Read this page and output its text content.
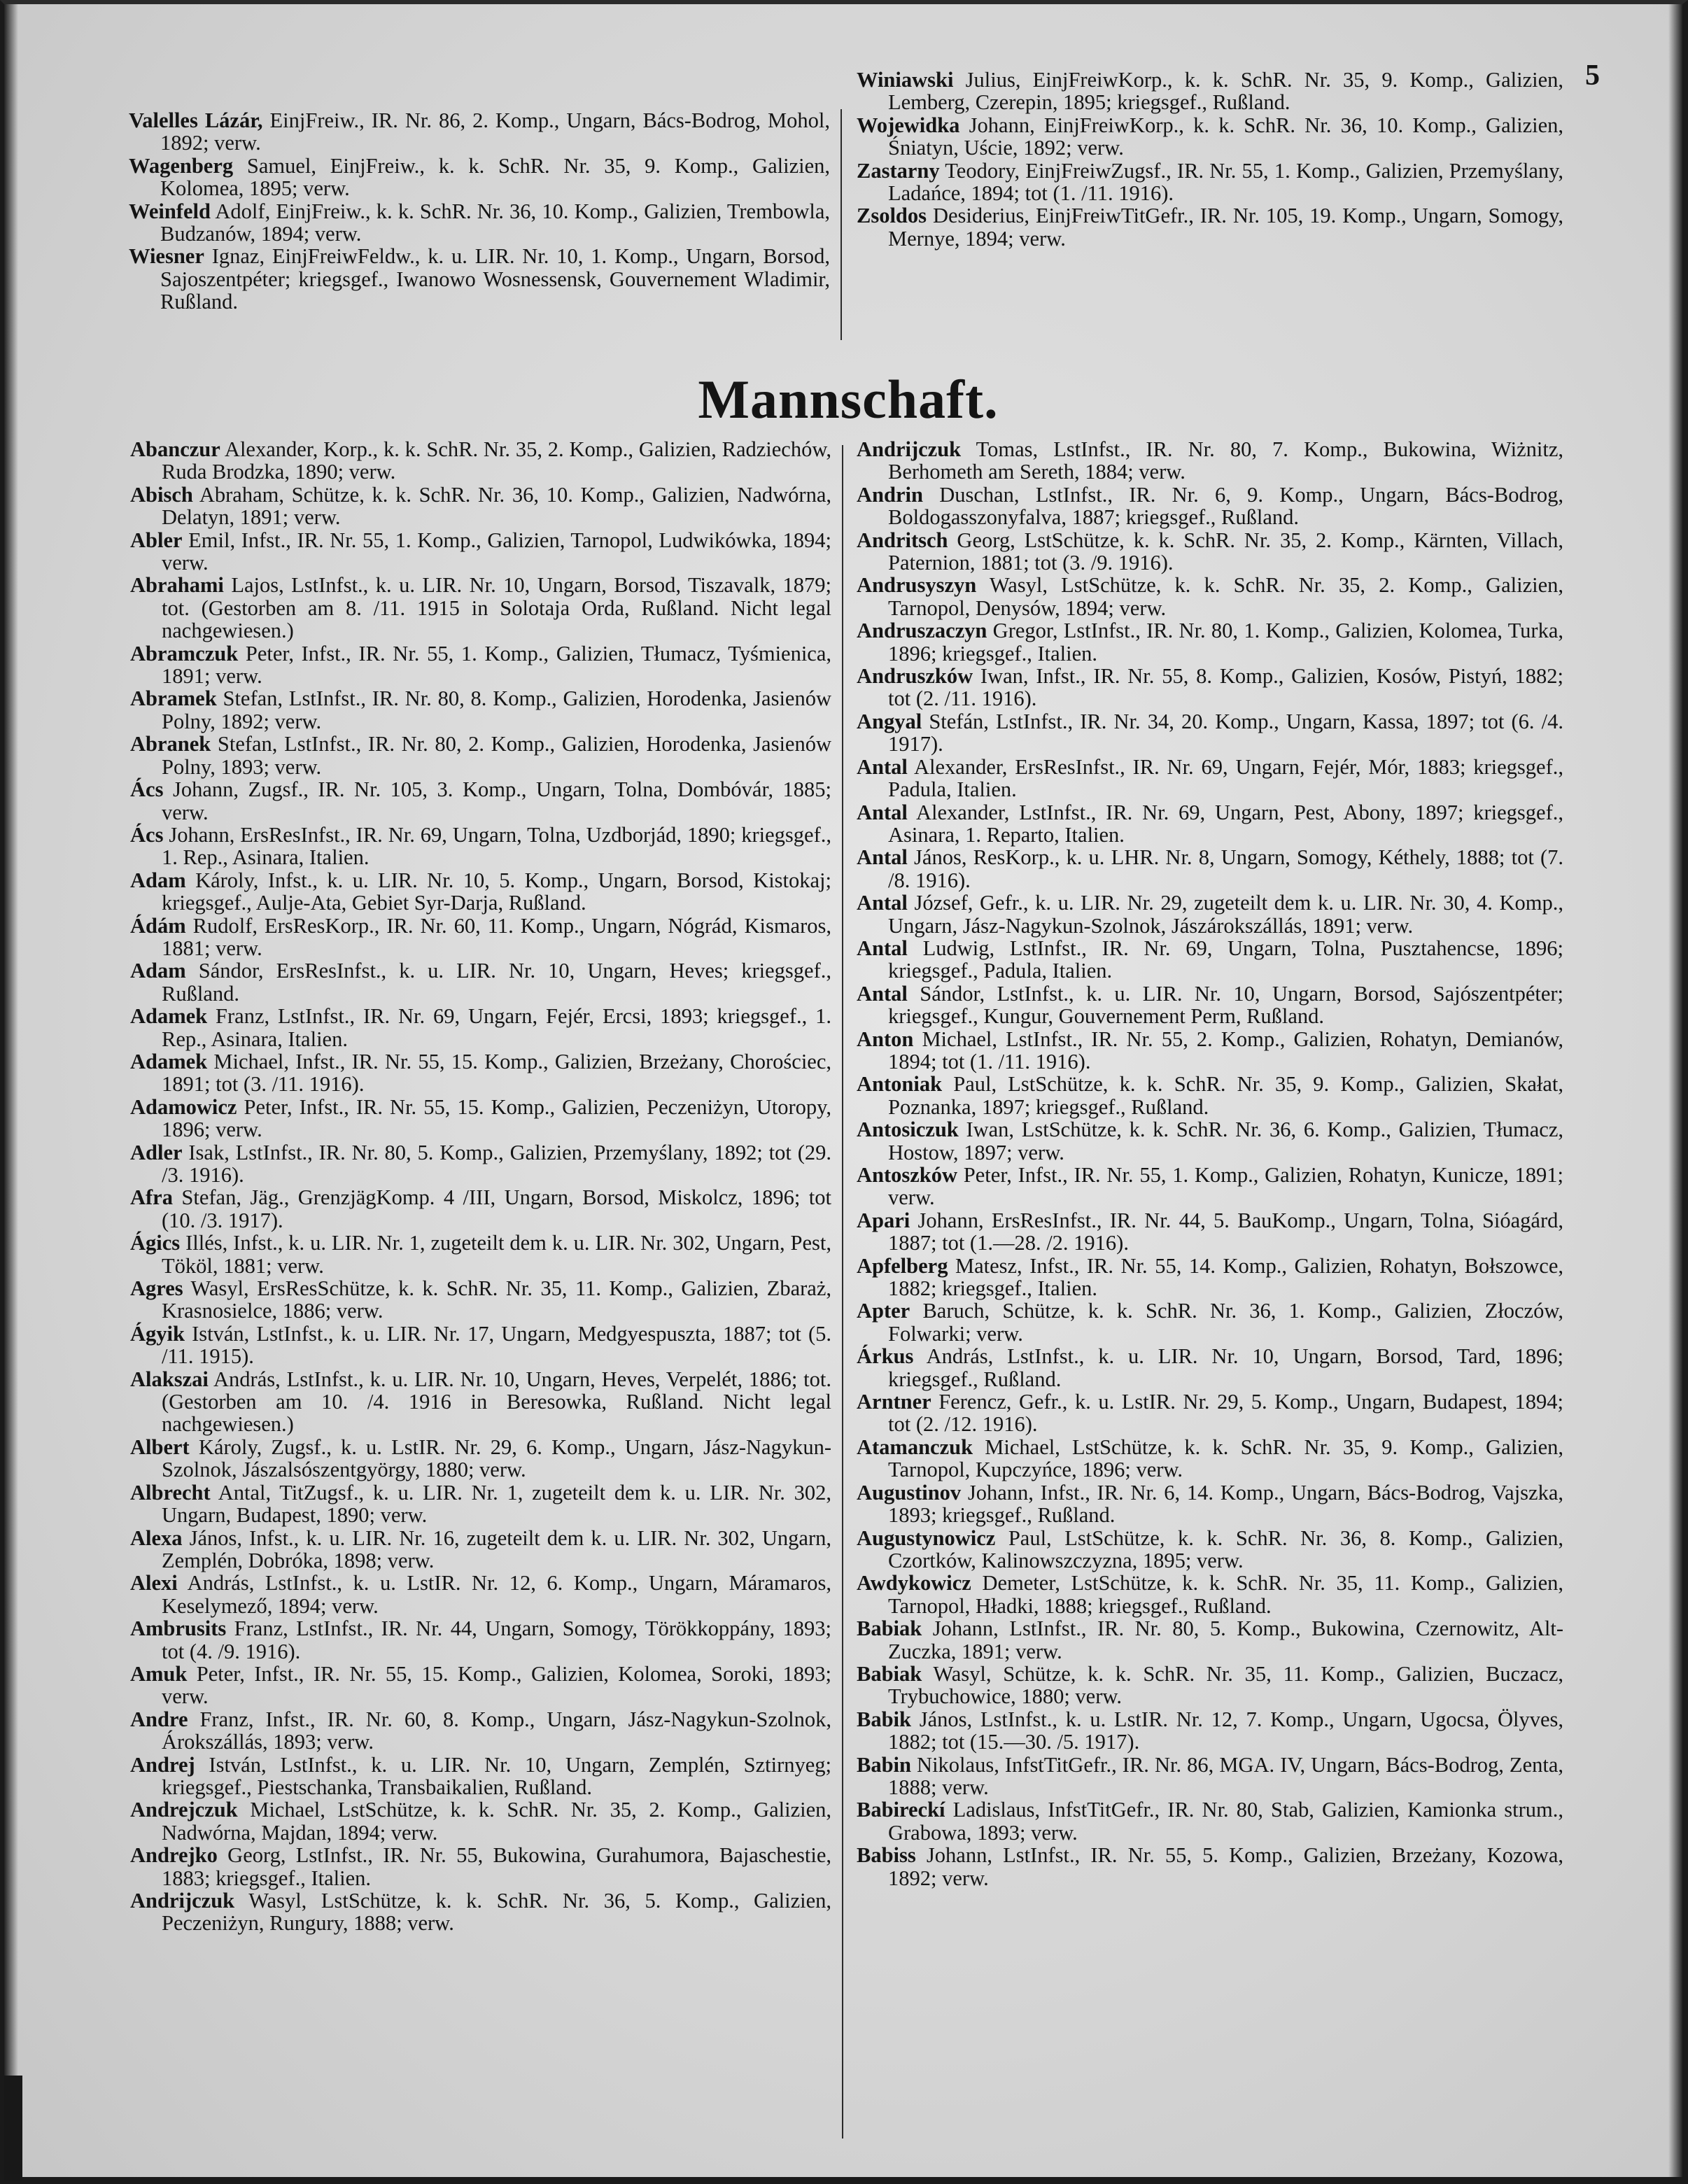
5

Valelles Lázár, EinjFreiw., IR. Nr. 86, 2. Komp., Ungarn, Bács-Bodrog, Mohol, 1892; verw.

Wagenberg Samuel, EinjFreiw., k. k. SchR. Nr. 35, 9. Komp., Galizien, Kolomea, 1895; verw.

Weinfeld Adolf, EinjFreiw., k. k. SchR. Nr. 36, 10. Komp., Galizien, Trembowla, Budzanów, 1894; verw.

Wiesner Ignaz, EinjFreiwFeldw., k. u. LIR. Nr. 10, 1. Komp., Ungarn, Borsod, Sajoszentpéter; kriegsgef., Iwanowo Wosnessensk, Gouvernement Wladimir, Rußland.

Winiawski Julius, EinjFreiwKorp., k. k. SchR. Nr. 35, 9. Komp., Galizien, Lemberg, Czerepin, 1895; kriegsgef., Rußland.

Wojewidka Johann, EinjFreiwKorp., k. k. SchR. Nr. 36, 10. Komp., Galizien, Śniatyn, Uście, 1892; verw.

Zastarny Teodory, EinjFreiwZugsf., IR. Nr. 55, 1. Komp., Galizien, Przemyślany, Ladańce, 1894; tot (1. /11. 1916).

Zsoldos Desiderius, EinjFreiwTitGefr., IR. Nr. 105, 19. Komp., Ungarn, Somogy, Mernye, 1894; verw.

Mannschaft.

Abanczur Alexander, Korp., k. k. SchR. Nr. 35, 2. Komp., Galizien, Radziechów, Ruda Brodzka, 1890; verw.

Abisch Abraham, Schütze, k. k. SchR. Nr. 36, 10. Komp., Galizien, Nadwórna, Delatyn, 1891; verw.

Abler Emil, Infst., IR. Nr. 55, 1. Komp., Galizien, Tarnopol, Ludwikówka, 1894; verw.

Abrahami Lajos, LstInfst., k. u. LIR. Nr. 10, Ungarn, Borsod, Tiszavalk, 1879; tot. (Gestorben am 8. /11. 1915 in Solotaja Orda, Rußland. Nicht legal nachgewiesen.)

Abramczuk Peter, Infst., IR. Nr. 55, 1. Komp., Galizien, Tłumacz, Tyśmienica, 1891; verw.

Abramek Stefan, LstInfst., IR. Nr. 80, 8. Komp., Galizien, Horodenka, Jasienów Polny, 1892; verw.

Abranek Stefan, LstInfst., IR. Nr. 80, 2. Komp., Galizien, Horodenka, Jasienów Polny, 1893; verw.

Ács Johann, Zugsf., IR. Nr. 105, 3. Komp., Ungarn, Tolna, Dombóvár, 1885; verw.

Ács Johann, ErsResInfst., IR. Nr. 69, Ungarn, Tolna, Uzdborjád, 1890; kriegsgef., 1. Rep., Asinara, Italien.

Adam Károly, Infst., k. u. LIR. Nr. 10, 5. Komp., Ungarn, Borsod, Kistokaj; kriegsgef., Aulje-Ata, Gebiet Syr-Darja, Rußland.

Ádám Rudolf, ErsResKorp., IR. Nr. 60, 11. Komp., Ungarn, Nógrád, Kismaros, 1881; verw.

Adam Sándor, ErsResInfst., k. u. LIR. Nr. 10, Ungarn, Heves; kriegsgef., Rußland.

Adamek Franz, LstInfst., IR. Nr. 69, Ungarn, Fejér, Ercsi, 1893; kriegsgef., 1. Rep., Asinara, Italien.

Adamek Michael, Infst., IR. Nr. 55, 15. Komp., Galizien, Brzeżany, Chorościec, 1891; tot (3. /11. 1916).

Adamowicz Peter, Infst., IR. Nr. 55, 15. Komp., Galizien, Peczeniżyn, Utoropy, 1896; verw.

Adler Isak, LstInfst., IR. Nr. 80, 5. Komp., Galizien, Przemyślany, 1892; tot (29. /3. 1916).

Afra Stefan, Jäg., GrenzjägKomp. 4 /III, Ungarn, Borsod, Miskolcz, 1896; tot (10. /3. 1917).

Ágics Illés, Infst., k. u. LIR. Nr. 1, zugeteilt dem k. u. LIR. Nr. 302, Ungarn, Pest, Tököl, 1881; verw.

Agres Wasyl, ErsResSchütze, k. k. SchR. Nr. 35, 11. Komp., Galizien, Zbaraż, Krasnosielce, 1886; verw.

Ágyik István, LstInfst., k. u. LIR. Nr. 17, Ungarn, Medgyespuszta, 1887; tot (5. /11. 1915).

Alakszai András, LstInfst., k. u. LIR. Nr. 10, Ungarn, Heves, Verpelét, 1886; tot. (Gestorben am 10. /4. 1916 in Beresowka, Rußland. Nicht legal nachgewiesen.)

Albert Károly, Zugsf., k. u. LstIR. Nr. 29, 6. Komp., Ungarn, Jász-Nagykun-Szolnok, Jászalsószentgyörgy, 1880; verw.

Albrecht Antal, TitZugsf., k. u. LIR. Nr. 1, zugeteilt dem k. u. LIR. Nr. 302, Ungarn, Budapest, 1890; verw.

Alexa János, Infst., k. u. LIR. Nr. 16, zugeteilt dem k. u. LIR. Nr. 302, Ungarn, Zemplén, Dobróka, 1898; verw.

Alexi András, LstInfst., k. u. LstIR. Nr. 12, 6. Komp., Ungarn, Máramaros, Keselymező, 1894; verw.

Ambrusits Franz, LstInfst., IR. Nr. 44, Ungarn, Somogy, Törökkoppány, 1893; tot (4. /9. 1916).

Amuk Peter, Infst., IR. Nr. 55, 15. Komp., Galizien, Kolomea, Soroki, 1893; verw.

Andre Franz, Infst., IR. Nr. 60, 8. Komp., Ungarn, Jász-Nagykun-Szolnok, Árokszállás, 1893; verw.

Andrej István, LstInfst., k. u. LIR. Nr. 10, Ungarn, Zemplén, Sztirnyeg; kriegsgef., Piestschanka, Transbaikalien, Rußland.

Andrejczuk Michael, LstSchütze, k. k. SchR. Nr. 35, 2. Komp., Galizien, Nadwórna, Majdan, 1894; verw.

Andrejko Georg, LstInfst., IR. Nr. 55, Bukowina, Gurahumora, Bajaschestie, 1883; kriegsgef., Italien.

Andrijczuk Wasyl, LstSchütze, k. k. SchR. Nr. 36, 5. Komp., Galizien, Peczeniżyn, Rungury, 1888; verw.

Andrijczuk Tomas, LstInfst., IR. Nr. 80, 7. Komp., Bukowina, Wiżnitz, Berhometh am Sereth, 1884; verw.

Andrin Duschan, LstInfst., IR. Nr. 6, 9. Komp., Ungarn, Bács-Bodrog, Boldogasszonyfalva, 1887; kriegsgef., Rußland.

Andritsch Georg, LstSchütze, k. k. SchR. Nr. 35, 2. Komp., Kärnten, Villach, Paternion, 1881; tot (3. /9. 1916).

Andrusyszyn Wasyl, LstSchütze, k. k. SchR. Nr. 35, 2. Komp., Galizien, Tarnopol, Denysów, 1894; verw.

Andruszaczyn Gregor, LstInfst., IR. Nr. 80, 1. Komp., Galizien, Kolomea, Turka, 1896; kriegsgef., Italien.

Andruszków Iwan, Infst., IR. Nr. 55, 8. Komp., Galizien, Kosów, Pistyń, 1882; tot (2. /11. 1916).

Angyal Stefán, LstInfst., IR. Nr. 34, 20. Komp., Ungarn, Kassa, 1897; tot (6. /4. 1917).

Antal Alexander, ErsResInfst., IR. Nr. 69, Ungarn, Fejér, Mór, 1883; kriegsgef., Padula, Italien.

Antal Alexander, LstInfst., IR. Nr. 69, Ungarn, Pest, Abony, 1897; kriegsgef., Asinara, 1. Reparto, Italien.

Antal János, ResKorp., k. u. LHR. Nr. 8, Ungarn, Somogy, Kéthely, 1888; tot (7. /8. 1916).

Antal József, Gefr., k. u. LIR. Nr. 29, zugeteilt dem k. u. LIR. Nr. 30, 4. Komp., Ungarn, Jász-Nagykun-Szolnok, Jászárokszállás, 1891; verw.

Antal Ludwig, LstInfst., IR. Nr. 69, Ungarn, Tolna, Pusztahencse, 1896; kriegsgef., Padula, Italien.

Antal Sándor, LstInfst., k. u. LIR. Nr. 10, Ungarn, Borsod, Sajószentpéter; kriegsgef., Kungur, Gouvernement Perm, Rußland.

Anton Michael, LstInfst., IR. Nr. 55, 2. Komp., Galizien, Rohatyn, Demianów, 1894; tot (1. /11. 1916).

Antoniak Paul, LstSchütze, k. k. SchR. Nr. 35, 9. Komp., Galizien, Skałat, Poznanka, 1897; kriegsgef., Rußland.

Antosiczuk Iwan, LstSchütze, k. k. SchR. Nr. 36, 6. Komp., Galizien, Tłumacz, Hostow, 1897; verw.

Antoszków Peter, Infst., IR. Nr. 55, 1. Komp., Galizien, Rohatyn, Kunicze, 1891; verw.

Apari Johann, ErsResInfst., IR. Nr. 44, 5. BauKomp., Ungarn, Tolna, Sióagárd, 1887; tot (1.—28. /2. 1916).

Apfelberg Matesz, Infst., IR. Nr. 55, 14. Komp., Galizien, Rohatyn, Bołszowce, 1882; kriegsgef., Italien.

Apter Baruch, Schütze, k. k. SchR. Nr. 36, 1. Komp., Galizien, Złoczów, Folwarki; verw.

Árkus András, LstInfst., k. u. LIR. Nr. 10, Ungarn, Borsod, Tard, 1896; kriegsgef., Rußland.

Arntner Ferencz, Gefr., k. u. LstIR. Nr. 29, 5. Komp., Ungarn, Budapest, 1894; tot (2. /12. 1916).

Atamanczuk Michael, LstSchütze, k. k. SchR. Nr. 35, 9. Komp., Galizien, Tarnopol, Kupczyńce, 1896; verw.

Augustinov Johann, Infst., IR. Nr. 6, 14. Komp., Ungarn, Bács-Bodrog, Vajszka, 1893; kriegsgef., Rußland.

Augustynowicz Paul, LstSchütze, k. k. SchR. Nr. 36, 8. Komp., Galizien, Czortków, Kalinowszczyzna, 1895; verw.

Awdykowicz Demeter, LstSchütze, k. k. SchR. Nr. 35, 11. Komp., Galizien, Tarnopol, Hładki, 1888; kriegsgef., Rußland.

Babiak Johann, LstInfst., IR. Nr. 80, 5. Komp., Bukowina, Czernowitz, Alt-Zuczka, 1891; verw.

Babiak Wasyl, Schütze, k. k. SchR. Nr. 35, 11. Komp., Galizien, Buczacz, Trybuchowice, 1880; verw.

Babik János, LstInfst., k. u. LstIR. Nr. 12, 7. Komp., Ungarn, Ugocsa, Ölyves, 1882; tot (15.—30. /5. 1917).

Babin Nikolaus, InfstTitGefr., IR. Nr. 86, MGA. IV, Ungarn, Bács-Bodrog, Zenta, 1888; verw.

Babireckí Ladislaus, InfstTitGefr., IR. Nr. 80, Stab, Galizien, Kamionka strum., Grabowa, 1893; verw.

Babiss Johann, LstInfst., IR. Nr. 55, 5. Komp., Galizien, Brzeżany, Kozowa, 1892; verw.
